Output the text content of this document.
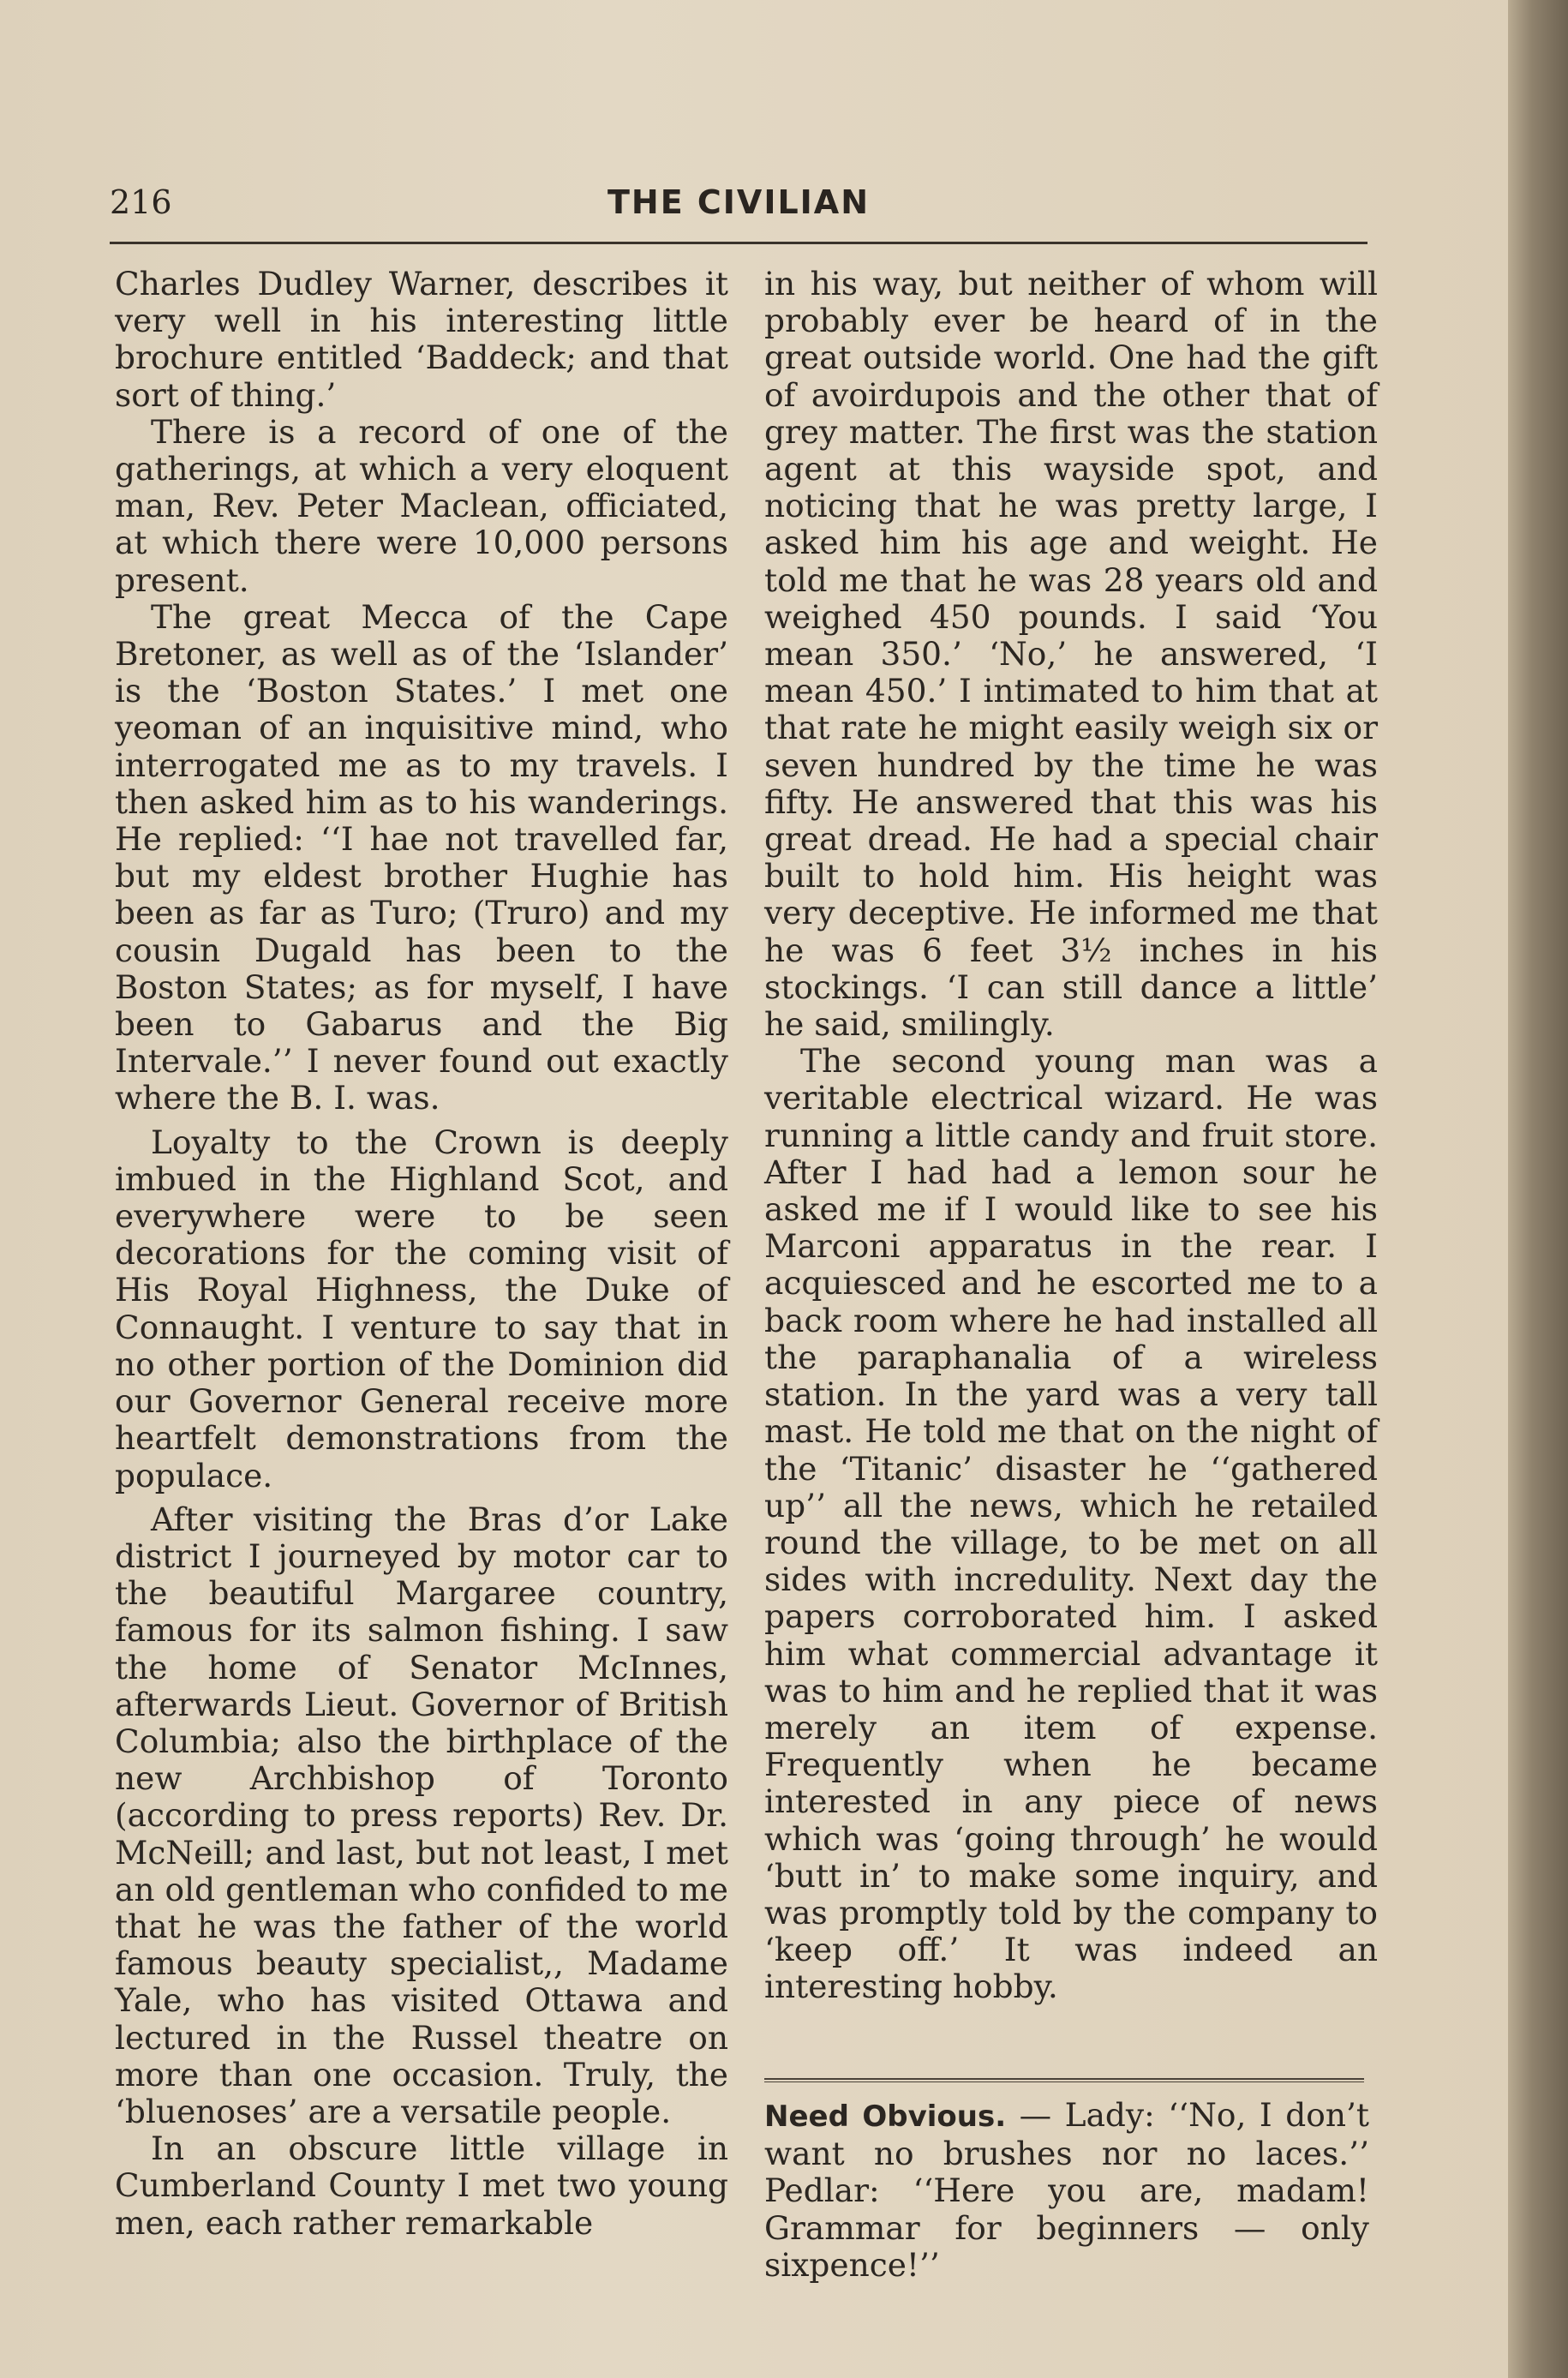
216	THE CIVILIAN

Charles Dudley Warner, describes it very well in his interesting little brochure entitled ‘Baddeck; and that sort of thing.’

There is a record of one of the gatherings, at which a very eloquent man, Rev. Peter Maclean, officiated, at which there were 10,000 persons present.

The great Mecca of the Cape Bretoner, as well as of the ‘Islander’ is the ‘Boston States.’ I met one yeoman of an inquisitive mind, who interrogated me as to my travels. I then asked him as to his wanderings. He replied: ‘‘I hae not travelled far, but my eldest brother Hughie has been as far as Turo; (Truro) and my cousin Dugald has been to the Boston States; as for myself, I have been to Gabarus and the Big Intervale.’’ I never found out exactly where the B. I. was.

Loyalty to the Crown is deeply imbued in the Highland Scot, and everywhere were to be seen decorations for the coming visit of His Royal Highness, the Duke of Connaught. I venture to say that in no other portion of the Dominion did our Governor General receive more heartfelt demonstrations from the populace.

After visiting the Bras d’or Lake district I journeyed by motor car to the beautiful Margaree country, famous for its salmon fishing. I saw the home of Senator McInnes, afterwards Lieut. Governor of British Columbia; also the birthplace of the new Archbishop of Toronto (according to press reports) Rev. Dr. McNeill; and last, but not least, I met an old gentleman who confided to me that he was the father of the world famous beauty specialist,, Madame Yale, who has visited Ottawa and lectured in the Russel theatre on more than one occasion. Truly, the ‘bluenoses’ are a versatile people.

In an obscure little village in Cumberland County I met two young men, each rather remarkable

in his way, but neither of whom will probably ever be heard of in the great outside world. One had the gift of avoirdupois and the other that of grey matter. The first was the station agent at this wayside spot, and noticing that he was pretty large, I asked him his age and weight. He told me that he was 28 years old and weighed 450 pounds. I said ‘You mean 350.’ ‘No,’ he answered, ‘I mean 450.’ I intimated to him that at that rate he might easily weigh six or seven hundred by the time he was fifty. He answered that this was his great dread. He had a special chair built to hold him. His height was very deceptive. He informed me that he was 6 feet 3½ inches in his stockings. ‘I can still dance a little’ he said, smilingly.

The second young man was a veritable electrical wizard. He was running a little candy and fruit store. After I had had a lemon sour he asked me if I would like to see his Marconi apparatus in the rear. I acquiesced and he escorted me to a back room where he had installed all the paraphanalia of a wireless station. In the yard was a very tall mast. He told me that on the night of the ‘Titanic’ disaster he ‘‘gathered up’’ all the news, which he retailed round the village, to be met on all sides with incredulity. Next day the papers corroborated him. I asked him what commercial advantage it was to him and he replied that it was merely an item of expense. Frequently when he became interested in any piece of news which was ‘going through’ he would ‘butt in’ to make some inquiry, and was promptly told by the company to ‘keep off.’ It was indeed an interesting hobby.

Need Obvious. — Lady: ‘‘No, I don’t want no brushes nor no laces.’’ Pedlar: ‘‘Here you are, madam! Grammar for beginners — only sixpence!’’
